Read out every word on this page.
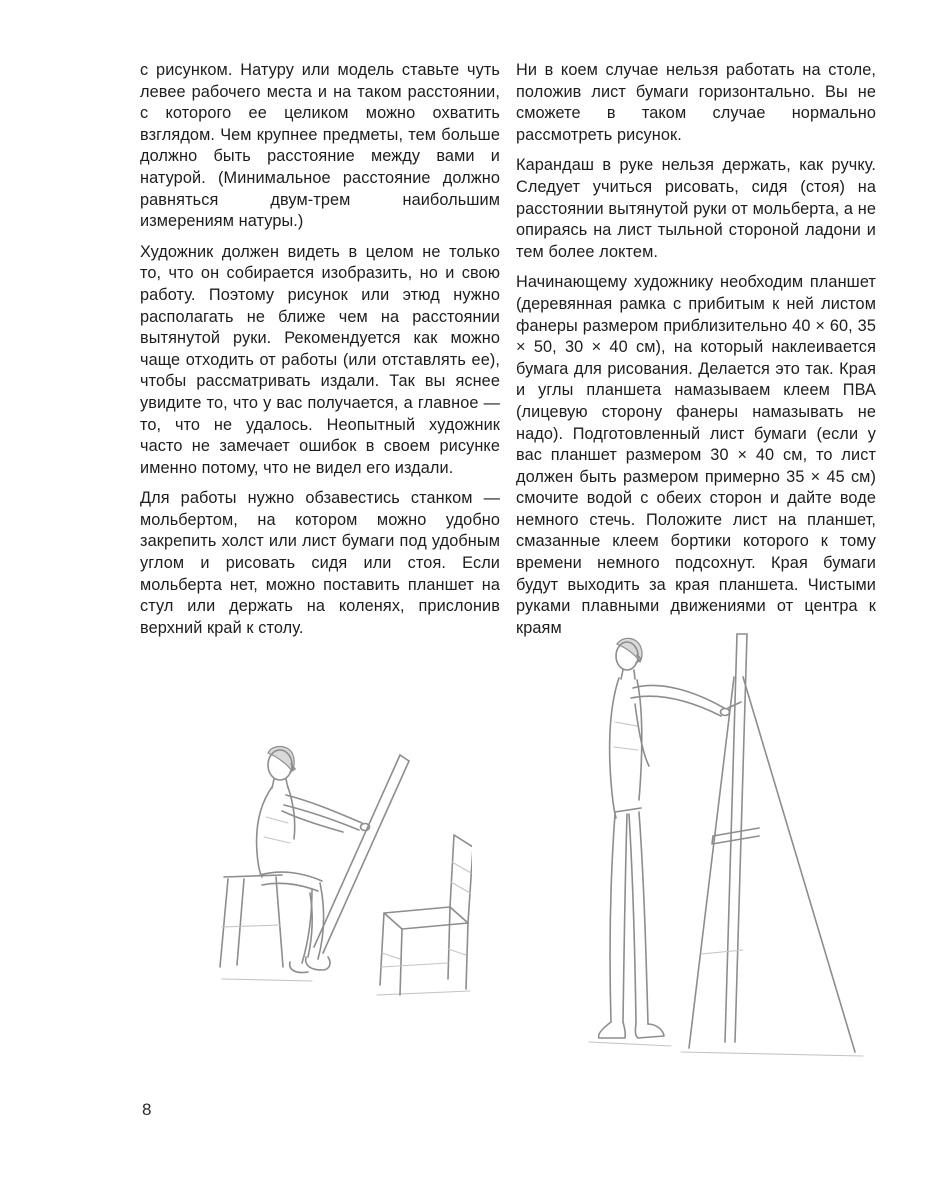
с рисунком. Натуру или модель ставьте чуть левее рабочего места и на таком расстоянии, с которого ее целиком можно охватить взглядом. Чем крупнее предметы, тем больше должно быть расстояние между вами и натурой. (Минимальное расстояние должно равняться двум-трем наибольшим измерениям натуры.)

Художник должен видеть в целом не только то, что он собирается изобразить, но и свою работу. Поэтому рисунок или этюд нужно располагать не ближе чем на расстоянии вытянутой руки. Рекомендуется как можно чаще отходить от работы (или отставлять ее), чтобы рассматривать издали. Так вы яснее увидите то, что у вас получается, а главное — то, что не удалось. Неопытный художник часто не замечает ошибок в своем рисунке именно потому, что не видел его издали.

Для работы нужно обзавестись станком — мольбертом, на котором можно удобно закрепить холст или лист бумаги под удобным углом и рисовать сидя или стоя. Если мольберта нет, можно поставить планшет на стул или держать на коленях, прислонив верхний край к столу.

Ни в коем случае нельзя работать на столе, положив лист бумаги горизонтально. Вы не сможете в таком случае нормально рассмотреть рисунок.

Карандаш в руке нельзя держать, как ручку. Следует учиться рисовать, сидя (стоя) на расстоянии вытянутой руки от мольберта, а не опираясь на лист тыльной стороной ладони и тем более локтем.

Начинающему художнику необходим планшет (деревянная рамка с прибитым к ней листом фанеры размером приблизительно 40 × 60, 35 × 50, 30 × 40 см), на который наклеивается бумага для рисования. Делается это так. Края и углы планшета намазываем клеем ПВА (лицевую сторону фанеры намазывать не надо). Подготовленный лист бумаги (если у вас планшет размером 30 × 40 см, то лист должен быть размером примерно 35 × 45 см) смочите водой с обеих сторон и дайте воде немного стечь. Положите лист на планшет, смазанные клеем бортики которого к тому времени немного подсохнут. Края бумаги будут выходить за края планшета. Чистыми руками плавными движениями от центра к краям

8
